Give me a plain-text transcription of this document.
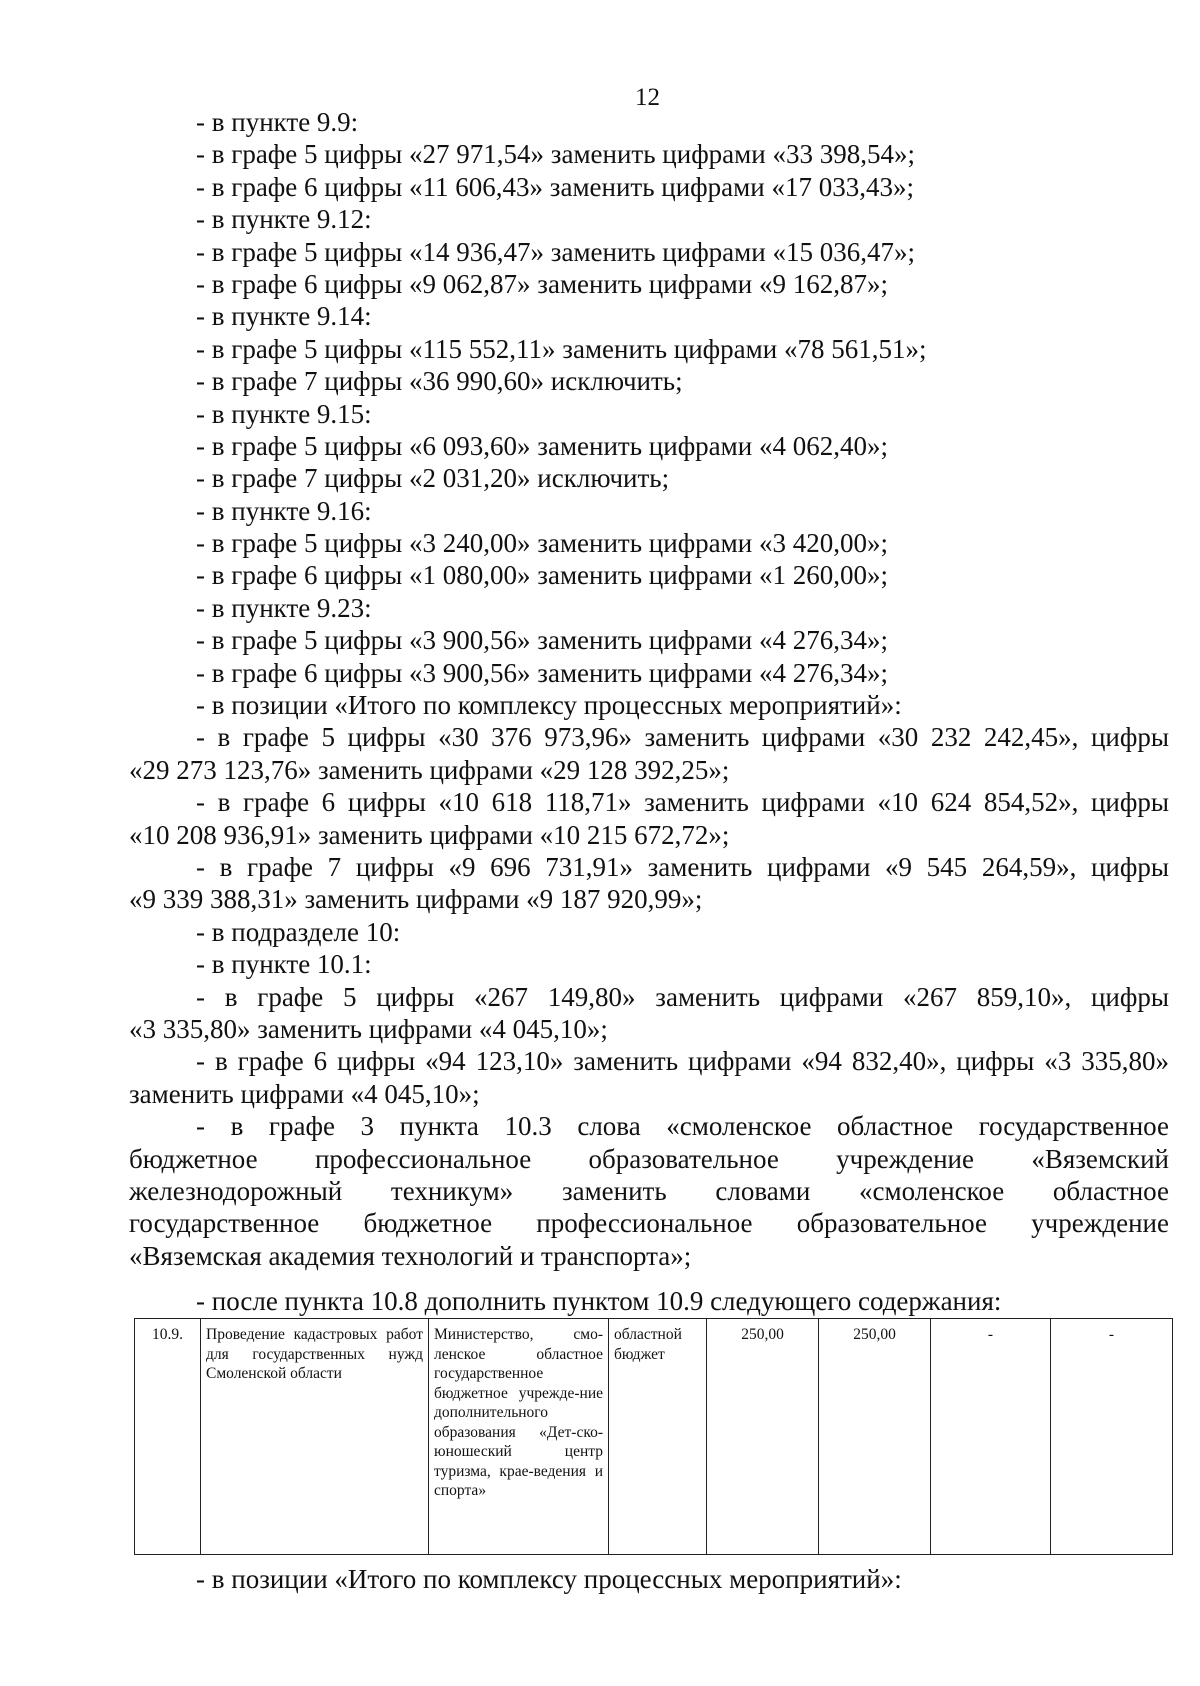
12
- в пункте 9.9:
- в графе 5 цифры «27 971,54» заменить цифрами «33 398,54»;
- в графе 6 цифры «11 606,43» заменить цифрами «17 033,43»;
- в пункте 9.12:
- в графе 5 цифры «14 936,47» заменить цифрами «15 036,47»;
- в графе 6 цифры «9 062,87» заменить цифрами «9 162,87»;
- в пункте 9.14:
- в графе 5 цифры «115 552,11» заменить цифрами «78 561,51»;
- в графе 7 цифры «36 990,60» исключить;
- в пункте 9.15:
- в графе 5 цифры «6 093,60» заменить цифрами «4 062,40»;
- в графе 7 цифры «2 031,20» исключить;
- в пункте 9.16:
- в графе 5 цифры «3 240,00» заменить цифрами «3 420,00»;
- в графе 6 цифры «1 080,00» заменить цифрами «1 260,00»;
- в пункте 9.23:
- в графе 5 цифры «3 900,56» заменить цифрами «4 276,34»;
- в графе 6 цифры «3 900,56» заменить цифрами «4 276,34»;
- в позиции «Итого по комплексу процессных мероприятий»:
- в графе 5 цифры «30 376 973,96» заменить цифрами «30 232 242,45», цифры
«29 273 123,76» заменить цифрами «29 128 392,25»;
- в графе 6 цифры «10 618 118,71» заменить цифрами «10 624 854,52», цифры
«10 208 936,91» заменить цифрами «10 215 672,72»;
- в графе 7 цифры «9 696 731,91» заменить цифрами «9 545 264,59», цифры
«9 339 388,31» заменить цифрами «9 187 920,99»;
- в подразделе 10:
- в пункте 10.1:
- в графе 5 цифры «267 149,80» заменить цифрами «267 859,10», цифры
«3 335,80» заменить цифрами «4 045,10»;
- в графе 6 цифры «94 123,10» заменить цифрами «94 832,40», цифры «3 335,80»
заменить цифрами «4 045,10»;
- в графе 3 пункта 10.3 слова «смоленское областное государственное
бюджетное профессиональное образовательное учреждение «Вяземский
железнодорожный техникум» заменить словами «смоленское областное
государственное бюджетное профессиональное образовательное учреждение
«Вяземская академия технологий и транспорта»;
- после пункта 10.8 дополнить пунктом 10.9 следующего содержания:
10.9.	Проведение кадастровых работ для государственных нужд Смоленской области	Министерство, смо-ленское областное государственное бюджетное учрежде-ние дополнительного образования «Дет-ско-юношеский центр туризма, крае-ведения и спорта»	областной бюджет	250,00	250,00	-	-
- в позиции «Итого по комплексу процессных мероприятий»:
